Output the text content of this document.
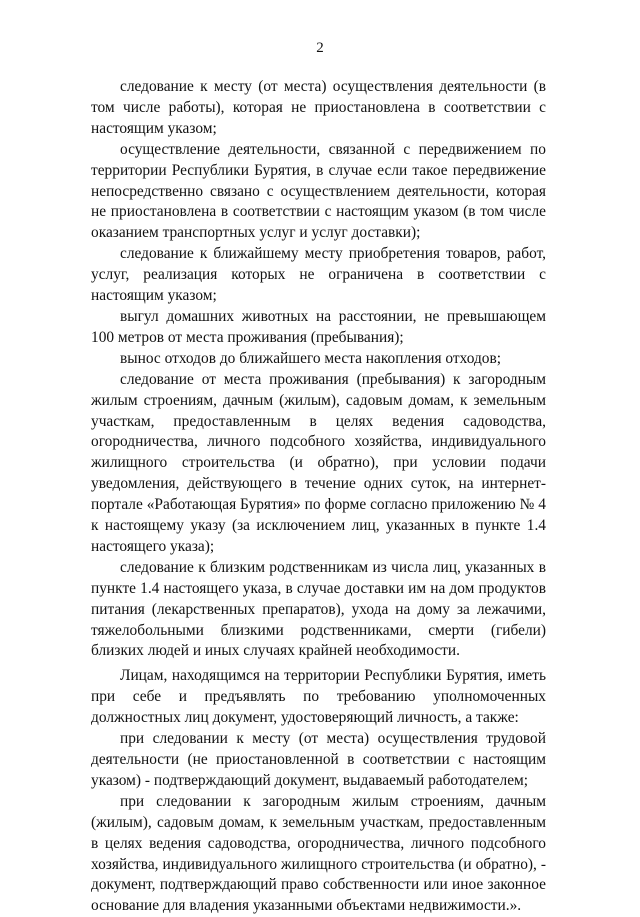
2

следование к месту (от места) осуществления деятельности (в том числе работы), которая не приостановлена в соответствии с настоящим указом;

осуществление деятельности, связанной с передвижением по территории Республики Бурятия, в случае если такое передвижение непосредственно связано с осуществлением деятельности, которая не приостановлена в соответствии с настоящим указом (в том числе оказанием транспортных услуг и услуг доставки);

следование к ближайшему месту приобретения товаров, работ, услуг, реализация которых не ограничена в соответствии с настоящим указом;

выгул домашних животных на расстоянии, не превышающем 100 метров от места проживания (пребывания);

вынос отходов до ближайшего места накопления отходов;

следование от места проживания (пребывания) к загородным жилым строениям, дачным (жилым), садовым домам, к земельным участкам, предоставленным в целях ведения садоводства, огородничества, личного подсобного хозяйства, индивидуального жилищного строительства (и обратно), при условии подачи уведомления, действующего в течение одних суток, на интернет-портале «Работающая Бурятия» по форме согласно приложению № 4 к настоящему указу (за исключением лиц, указанных в пункте 1.4 настоящего указа);

следование к близким родственникам из числа лиц, указанных в пункте 1.4 настоящего указа, в случае доставки им на дом продуктов питания (лекарственных препаратов), ухода на дому за лежачими, тяжелобольными близкими родственниками, смерти (гибели) близких людей и иных случаях крайней необходимости.

Лицам, находящимся на территории Республики Бурятия, иметь при себе и предъявлять по требованию уполномоченных должностных лиц документ, удостоверяющий личность, а также:

при следовании к месту (от места) осуществления трудовой деятельности (не приостановленной в соответствии с настоящим указом) - подтверждающий документ, выдаваемый работодателем;

при следовании к загородным жилым строениям, дачным (жилым), садовым домам, к земельным участкам, предоставленным в целях ведения садоводства, огородничества, личного подсобного хозяйства, индивидуального жилищного строительства (и обратно), - документ, подтверждающий право собственности или иное законное основание для владения указанными объектами недвижимости.».
